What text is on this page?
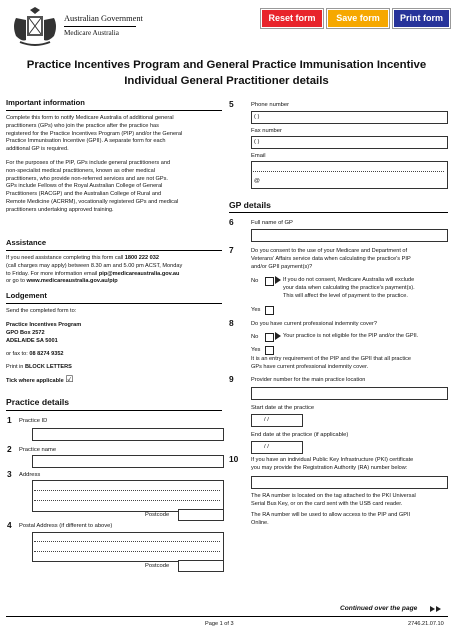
Reset form	Save form	Print form
Australian Government
Medicare Australia
Practice Incentives Program and General Practice Immunisation Incentive
Individual General Practitioner details
Important information
Complete this form to notify Medicare Australia of additional general
practitioners (GPs) who join the practice after the practice has
registered for the Practice Incentives Program (PIP) and/or the General
Practice Immunisation Incentive (GPII). A separate form for each
additional GP is required.
For the purposes of the PIP, GPs include general practitioners and
non-specialist medical practitioners, known as other medical
practitioners, who provide non-referred services and are not GPs.
GPs include Fellows of the Royal Australian College of General
Practitioners (RACGP) and the Australian College of Rural and
Remote Medicine (ACRRM), vocationally registered GPs and medical
practitioners undertaking approved training.
Assistance
If you need assistance completing this form call 1800 222 032
(call charges may apply) between 8.30 am and 5.00 pm ACST, Monday
to Friday. For more information email pip@medicareaustralia.gov.au
or go to www.medicareaustralia.gov.au/pip
Lodgement
Send the completed form to:
Practice Incentives Program
GPO Box 2572
ADELAIDE SA 5001
or fax to: 08 8274 9352
Print in BLOCK LETTERS
Tick where applicable ☑
Practice details
1 Practice ID
2 Practice name
3 Address
Postcode
4 Postal Address (if different to above)
Postcode
5	Phone number
( )
Fax number
( )
Email
@
GP details
6	Full name of GP
7	Do you consent to the use of your Medicare and Department of
Veterans' Affairs service data when calculating the practice's PIP
and/or GPII payment(s)?
No	If you do not consent, Medicare Australia will exclude
your data when calculating the practice's payment(s).
This will affect the level of payment to the practice.
Yes
8	Do you have current professional indemnity cover?
No	Your practice is not eligible for the PIP and/or the GPII.
Yes
It is an entry requirement of the PIP and the GPII that all practice
GPs have current professional indemnity cover.
9	Provider number for the main practice location
Start date at the practice
/ /
End date at the practice (if applicable)
/ /
10 If you have an individual Public Key Infrastructure (PKI) certificate
you may provide the Registration Authority (RA) number below:
The RA number is located on the tag attached to the PKI Universal
Serial Bus Key, or on the card sent with the USB card reader.
The RA number will be used to allow access to the PIP and GPII
Online.
Continued over the page
Page 1 of 3	2746.21.07.10
